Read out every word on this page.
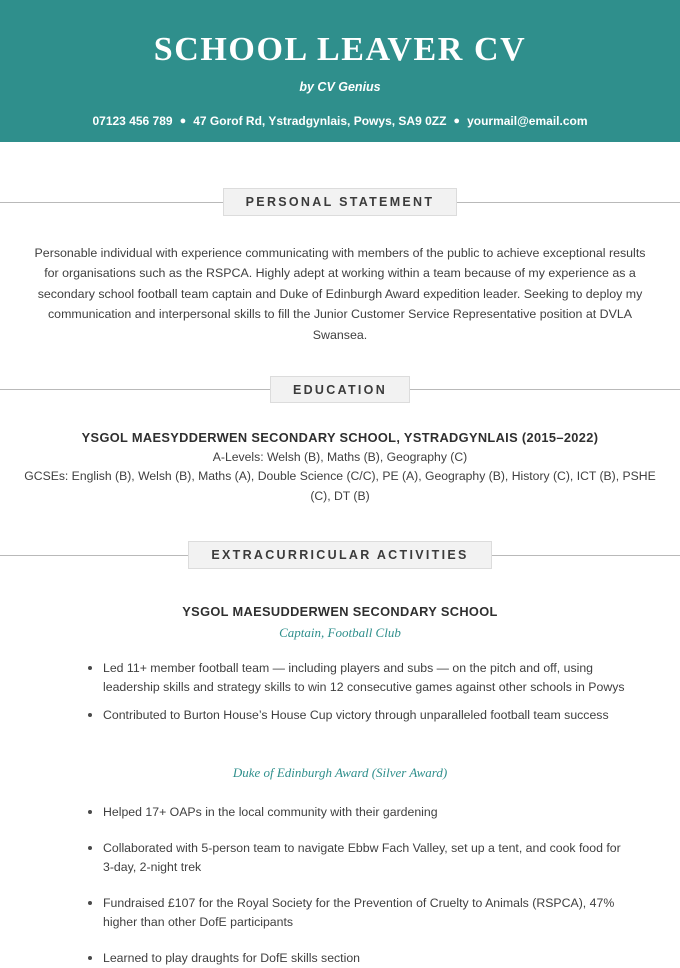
SCHOOL LEAVER CV
by CV Genius
07123 456 789 ● 47 Gorof Rd, Ystradgynlais, Powys, SA9 0ZZ ● yourmail@email.com
PERSONAL STATEMENT
Personable individual with experience communicating with members of the public to achieve exceptional results for organisations such as the RSPCA. Highly adept at working within a team because of my experience as a secondary school football team captain and Duke of Edinburgh Award expedition leader. Seeking to deploy my communication and interpersonal skills to fill the Junior Customer Service Representative position at DVLA Swansea.
EDUCATION
YSGOL MAESYDDERWEN SECONDARY SCHOOL, YSTRADGYNLAIS (2015–2022)
A-Levels: Welsh (B), Maths (B), Geography (C)
GCSEs: English (B), Welsh (B), Maths (A), Double Science (C/C), PE (A), Geography (B), History (C), ICT (B), PSHE (C), DT (B)
EXTRACURRICULAR ACTIVITIES
YSGOL MAESUDDERWEN SECONDARY SCHOOL
Captain, Football Club
Led 11+ member football team — including players and subs — on the pitch and off, using leadership skills and strategy skills to win 12 consecutive games against other schools in Powys
Contributed to Burton House’s House Cup victory through unparalleled football team success
Duke of Edinburgh Award (Silver Award)
Helped 17+ OAPs in the local community with their gardening
Collaborated with 5-person team to navigate Ebbw Fach Valley, set up a tent, and cook food for 3-day, 2-night trek
Fundraised £107 for the Royal Society for the Prevention of Cruelty to Animals (RSPCA), 47% higher than other DofE participants
Learned to play draughts for DofE skills section
